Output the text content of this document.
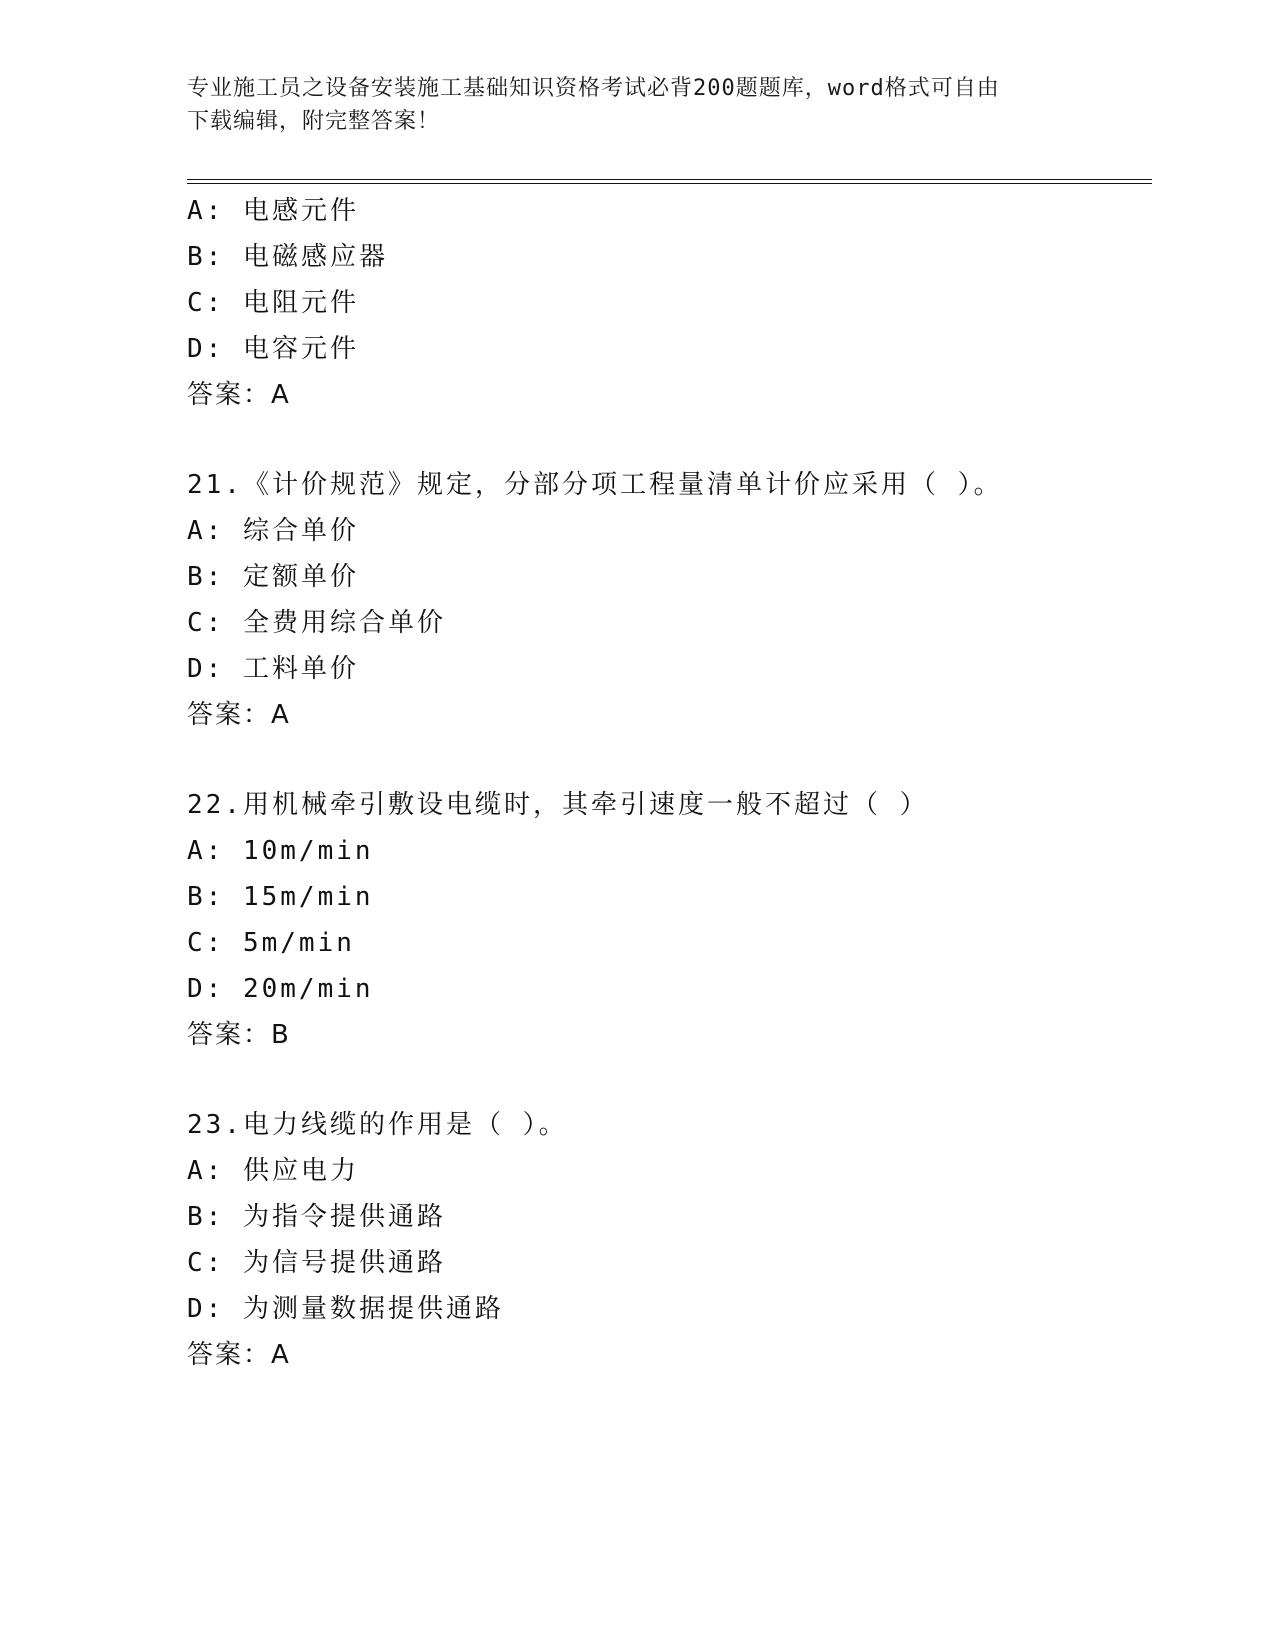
专业施工员之设备安装施工基础知识资格考试必背200题题库，word格式可自由
下载编辑，附完整答案！
A: 电感元件
B: 电磁感应器
C: 电阻元件
D: 电容元件
答案：A
21.《计价规范》规定，分部分项工程量清单计价应采用（ ）。
A: 综合单价
B: 定额单价
C: 全费用综合单价
D: 工料单价
答案：A
22.用机械牵引敷设电缆时，其牵引速度一般不超过（ ）
A: 10m/min
B: 15m/min
C: 5m/min
D: 20m/min
答案：B
23.电力线缆的作用是（ ）。
A: 供应电力
B: 为指令提供通路
C: 为信号提供通路
D: 为测量数据提供通路
答案：A
